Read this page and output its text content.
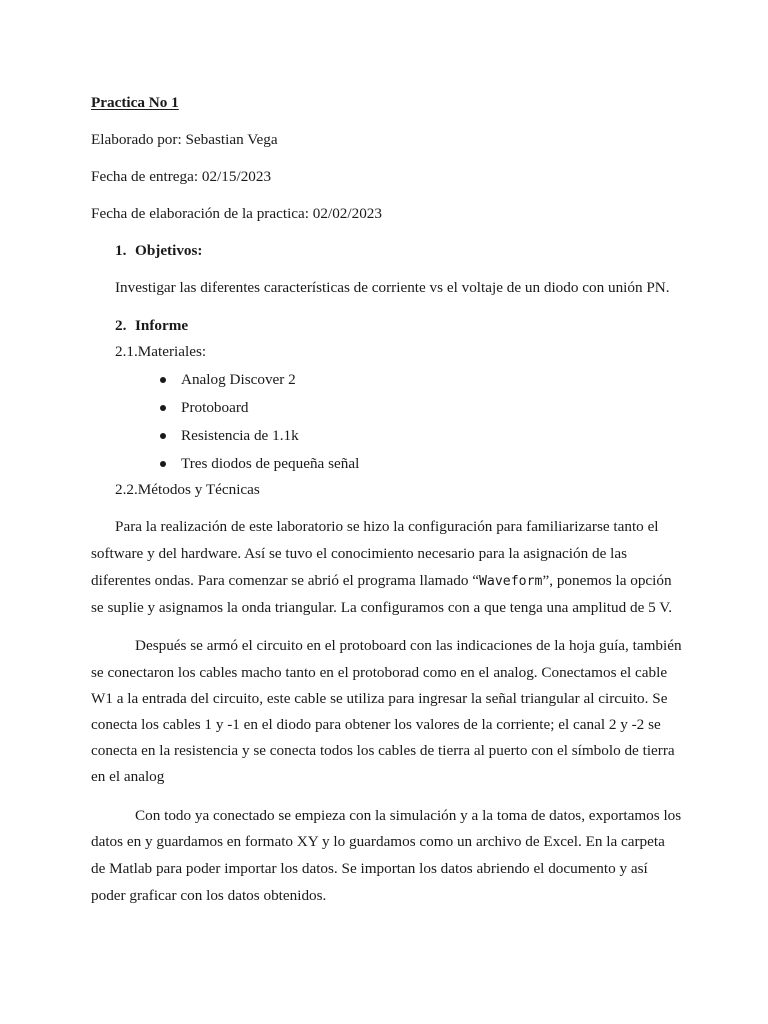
Practica No 1
Elaborado por: Sebastian Vega
Fecha de entrega: 02/15/2023
Fecha de elaboración de la practica: 02/02/2023
1. Objetivos:
Investigar las diferentes características de corriente vs el voltaje de un diodo con unión PN.
2. Informe
2.1.Materiales:
Analog Discover 2
Protoboard
Resistencia de 1.1k
Tres diodos de pequeña señal
2.2.Métodos y Técnicas
Para la realización de este laboratorio se hizo la configuración para familiarizarse tanto el
software y del hardware. Así se tuvo el conocimiento necesario para la asignación de las
diferentes ondas. Para comenzar se abrió el programa llamado “Waveform”, ponemos la opción
se suplie y asignamos la onda triangular. La configuramos con a que tenga una amplitud de 5 V.
Después se armó el circuito en el protoboard con las indicaciones de la hoja guía, también
se conectaron los cables macho tanto en el protoborad como en el analog. Conectamos el cable
W1 a la entrada del circuito, este cable se utiliza para ingresar la señal triangular al circuito. Se
conecta los cables 1 y -1 en el diodo para obtener los valores de la corriente; el canal 2 y -2 se
conecta en la resistencia y se conecta todos los cables de tierra al puerto con el símbolo de tierra
en el analog
Con todo ya conectado se empieza con la simulación y a la toma de datos, exportamos los
datos en y guardamos en formato XY y lo guardamos como un archivo de Excel. En la carpeta
de Matlab para poder importar los datos. Se importan los datos abriendo el documento y así
poder graficar con los datos obtenidos.
